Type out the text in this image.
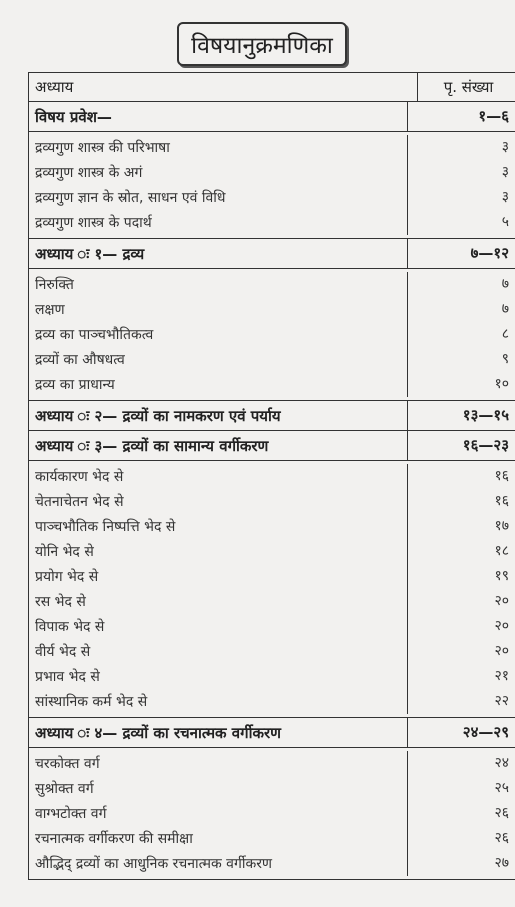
विषयानुक्रमणिका
अध्याय	पृ. संख्या
विषय प्रवेश—	१—६
द्रव्यगुण शास्त्र की परिभाषा	३
द्रव्यगुण शास्त्र के अगं	३
द्रव्यगुण ज्ञान के स्रोत, साधन एवं विधि	३
द्रव्यगुण शास्त्र के पदार्थ	५
अध्याय ः १— द्रव्य	७—१२
निरुक्ति	७
लक्षण	७
द्रव्य का पाञ्चभौतिकत्व	८
द्रव्यों का औषधत्व	९
द्रव्य का प्राधान्य	१०
अध्याय ः २— द्रव्यों का नामकरण एवं पर्याय	१३—१५
अध्याय ः ३— द्रव्यों का सामान्य वर्गीकरण	१६—२३
कार्यकारण भेद से	१६
चेतनाचेतन भेद से	१६
पाञ्चभौतिक निष्पत्ति भेद से	१७
योनि भेद से	१८
प्रयोग भेद से	१९
रस भेद से	२०
विपाक भेद से	२०
वीर्य भेद से	२०
प्रभाव भेद से	२१
सांस्थानिक कर्म भेद से	२२
अध्याय ः ४— द्रव्यों का रचनात्मक वर्गीकरण	२४—२९
चरकोक्त वर्ग	२४
सुश्रोक्त वर्ग	२५
वाग्भटोक्त वर्ग	२६
रचनात्मक वर्गीकरण की समीक्षा	२६
औद्भिद् द्रव्यों का आधुनिक रचनात्मक वर्गीकरण	२७
